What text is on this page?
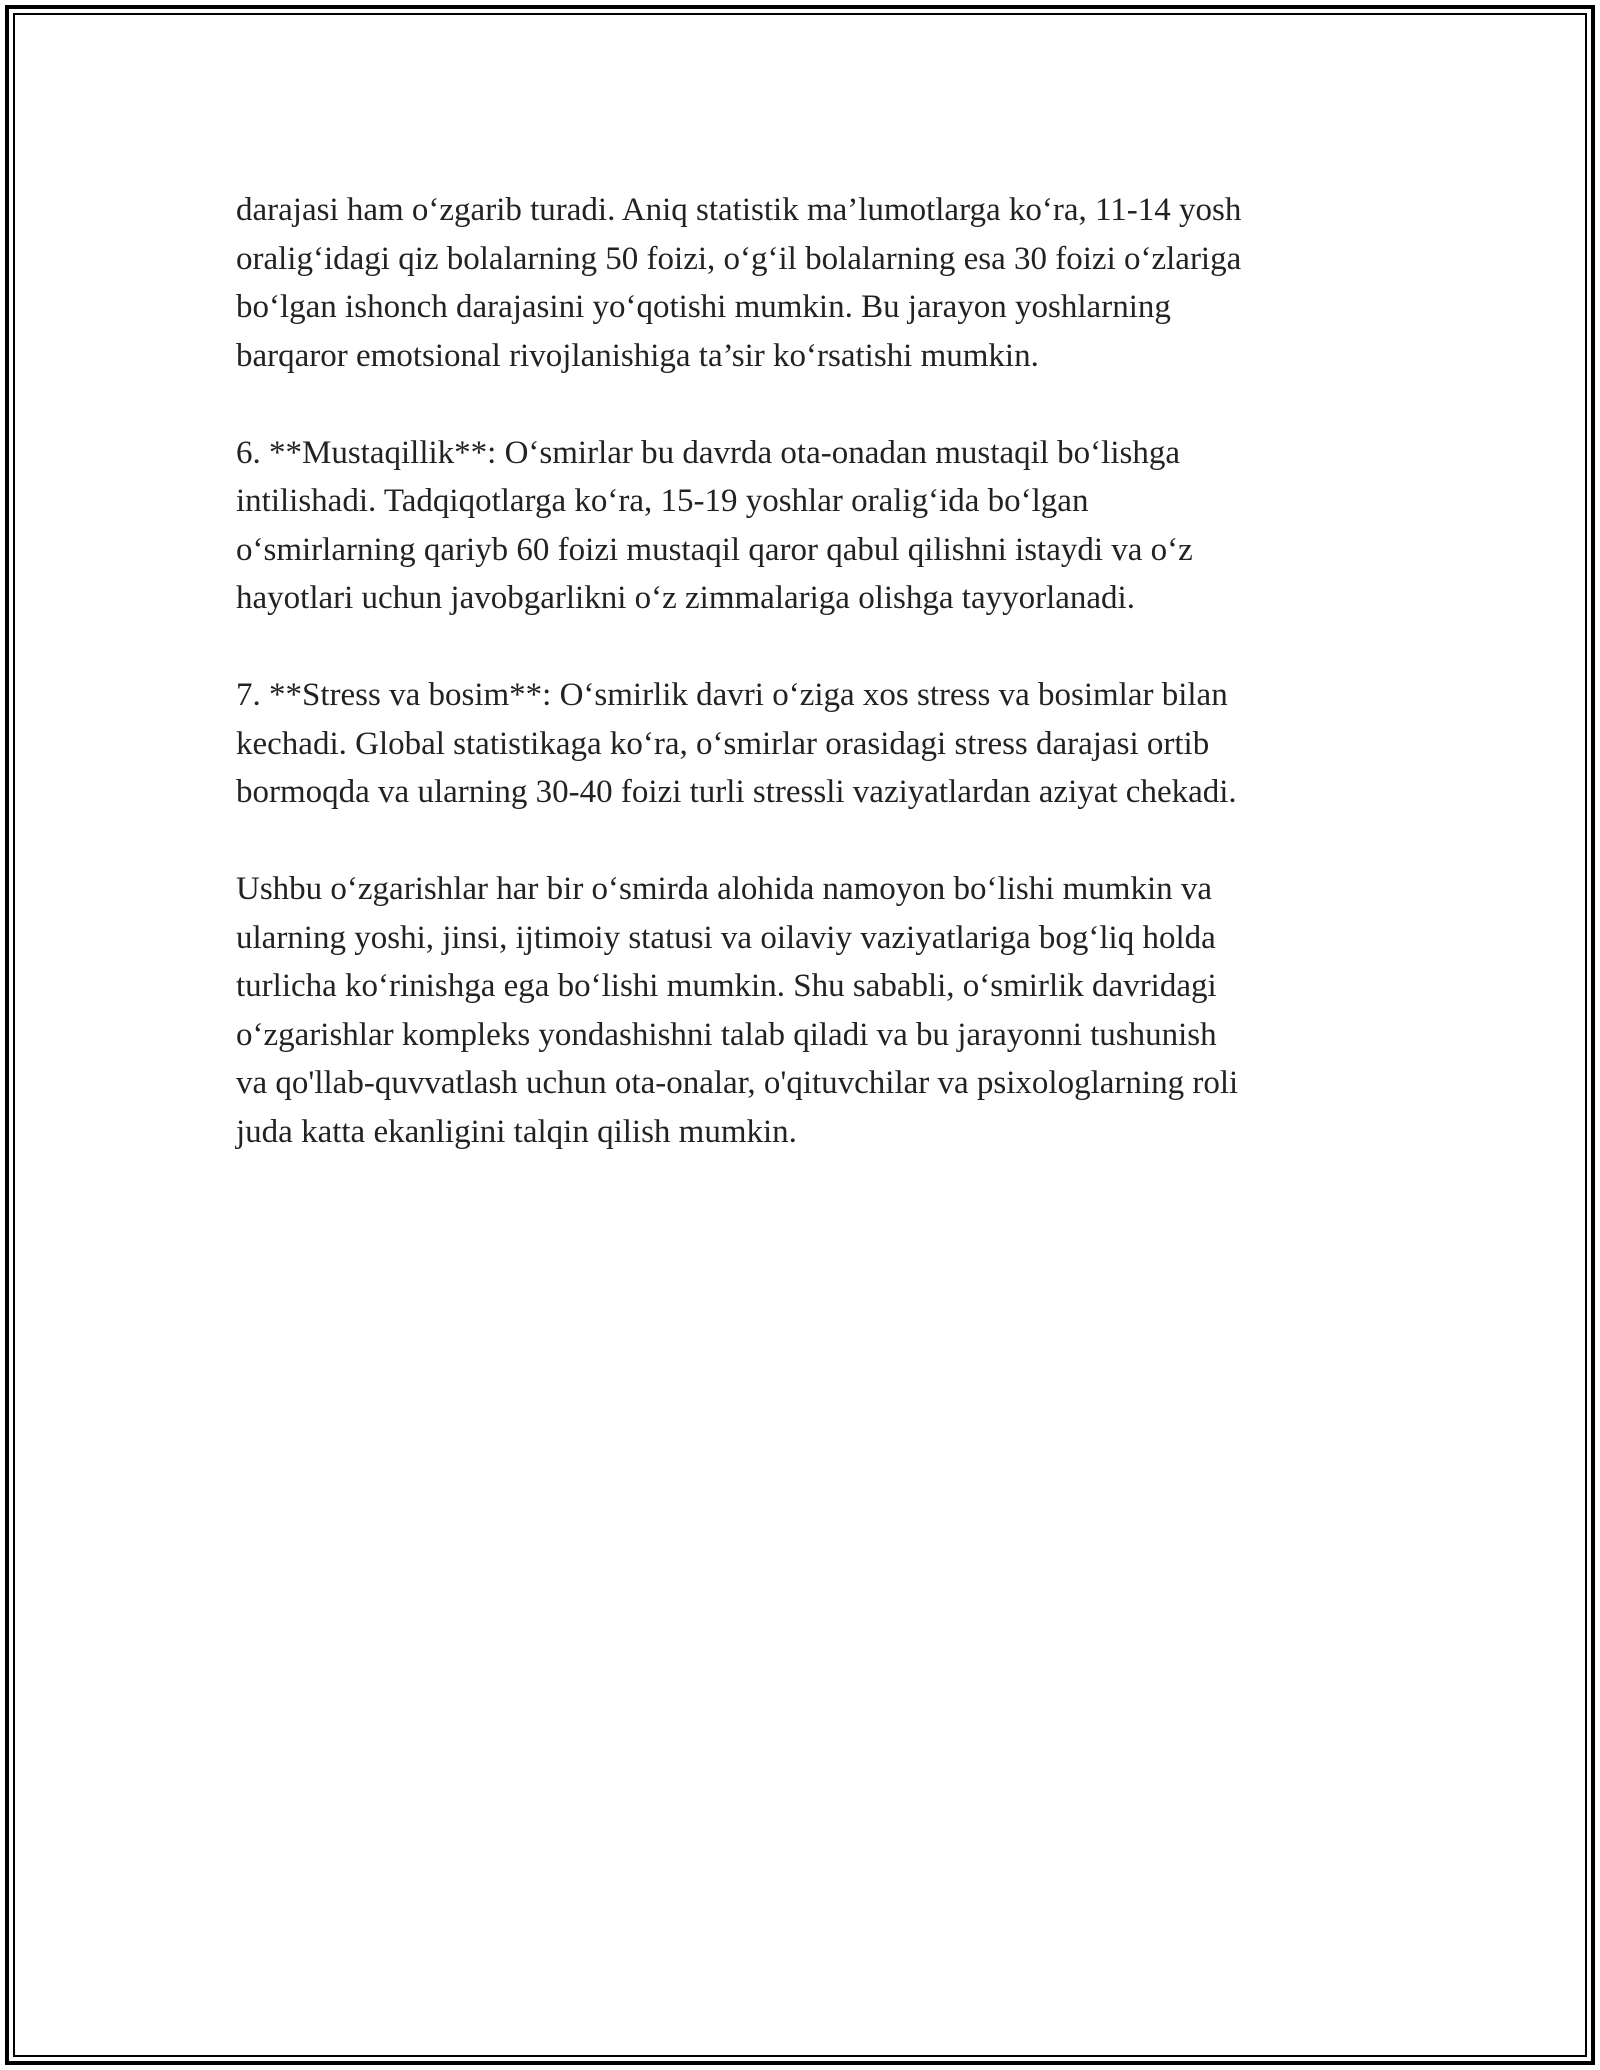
darajasi ham o‘zgarib turadi. Aniq statistik ma’lumotlarga ko‘ra, 11-14 yosh
oralig‘idagi qiz bolalarning 50 foizi, o‘g‘il bolalarning esa 30 foizi o‘zlariga
bo‘lgan ishonch darajasini yo‘qotishi mumkin. Bu jarayon yoshlarning
barqaror emotsional rivojlanishiga ta’sir ko‘rsatishi mumkin.

6. **Mustaqillik**: O‘smirlar bu davrda ota-onadan mustaqil bo‘lishga
intilishadi. Tadqiqotlarga ko‘ra, 15-19 yoshlar oralig‘ida bo‘lgan
o‘smirlarning qariyb 60 foizi mustaqil qaror qabul qilishni istaydi va o‘z
hayotlari uchun javobgarlikni o‘z zimmalariga olishga tayyorlanadi.

7. **Stress va bosim**: O‘smirlik davri o‘ziga xos stress va bosimlar bilan
kechadi. Global statistikaga ko‘ra, o‘smirlar orasidagi stress darajasi ortib
bormoqda va ularning 30-40 foizi turli stressli vaziyatlardan aziyat chekadi.

Ushbu o‘zgarishlar har bir o‘smirda alohida namoyon bo‘lishi mumkin va
ularning yoshi, jinsi, ijtimoiy statusi va oilaviy vaziyatlariga bog‘liq holda
turlicha ko‘rinishga ega bo‘lishi mumkin. Shu sababli, o‘smirlik davridagi
o‘zgarishlar kompleks yondashishni talab qiladi va bu jarayonni tushunish
va qo'llab-quvvatlash uchun ota-onalar, o'qituvchilar va psixologlarning roli
juda katta ekanligini talqin qilish mumkin.
